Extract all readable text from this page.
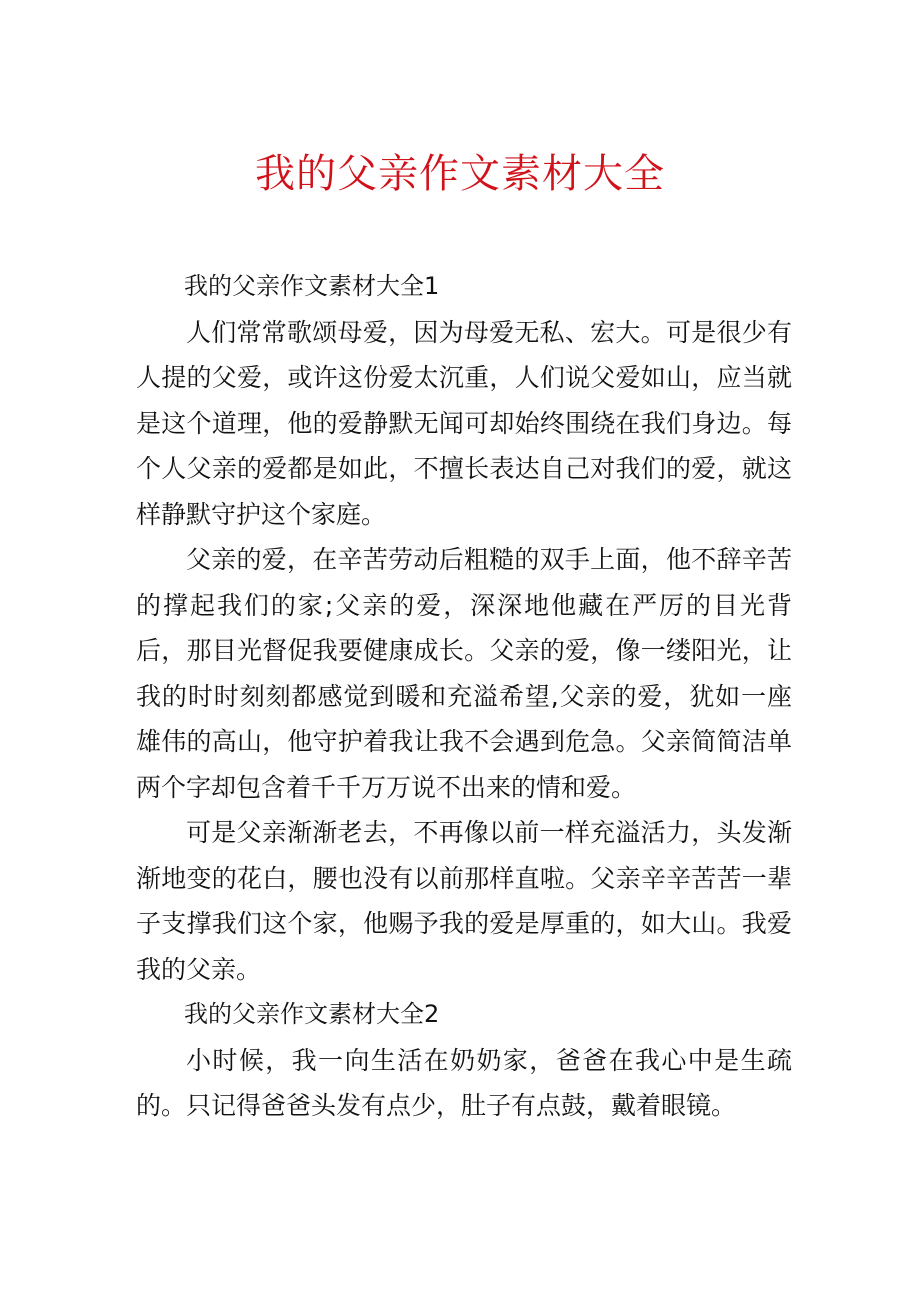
我的父亲作文素材大全

我的父亲作文素材大全1

人们常常歌颂母爱，因为母爱无私、宏大。可是很少有人提的父爱，或许这份爱太沉重，人们说父爱如山，应当就是这个道理，他的爱静默无闻可却始终围绕在我们身边。每个人父亲的爱都是如此，不擅长表达自己对我们的爱，就这样静默守护这个家庭。

父亲的爱，在辛苦劳动后粗糙的双手上面，他不辞辛苦的撑起我们的家;父亲的爱，深深地他藏在严厉的目光背后，那目光督促我要健康成长。父亲的爱，像一缕阳光，让我的时时刻刻都感觉到暖和充溢希望,父亲的爱，犹如一座雄伟的高山，他守护着我让我不会遇到危急。父亲简简洁单两个字却包含着千千万万说不出来的情和爱。

可是父亲渐渐老去，不再像以前一样充溢活力，头发渐渐地变的花白，腰也没有以前那样直啦。父亲辛辛苦苦一辈子支撑我们这个家，他赐予我的爱是厚重的，如大山。我爱我的父亲。

我的父亲作文素材大全2

小时候，我一向生活在奶奶家，爸爸在我心中是生疏的。只记得爸爸头发有点少，肚子有点鼓，戴着眼镜。
